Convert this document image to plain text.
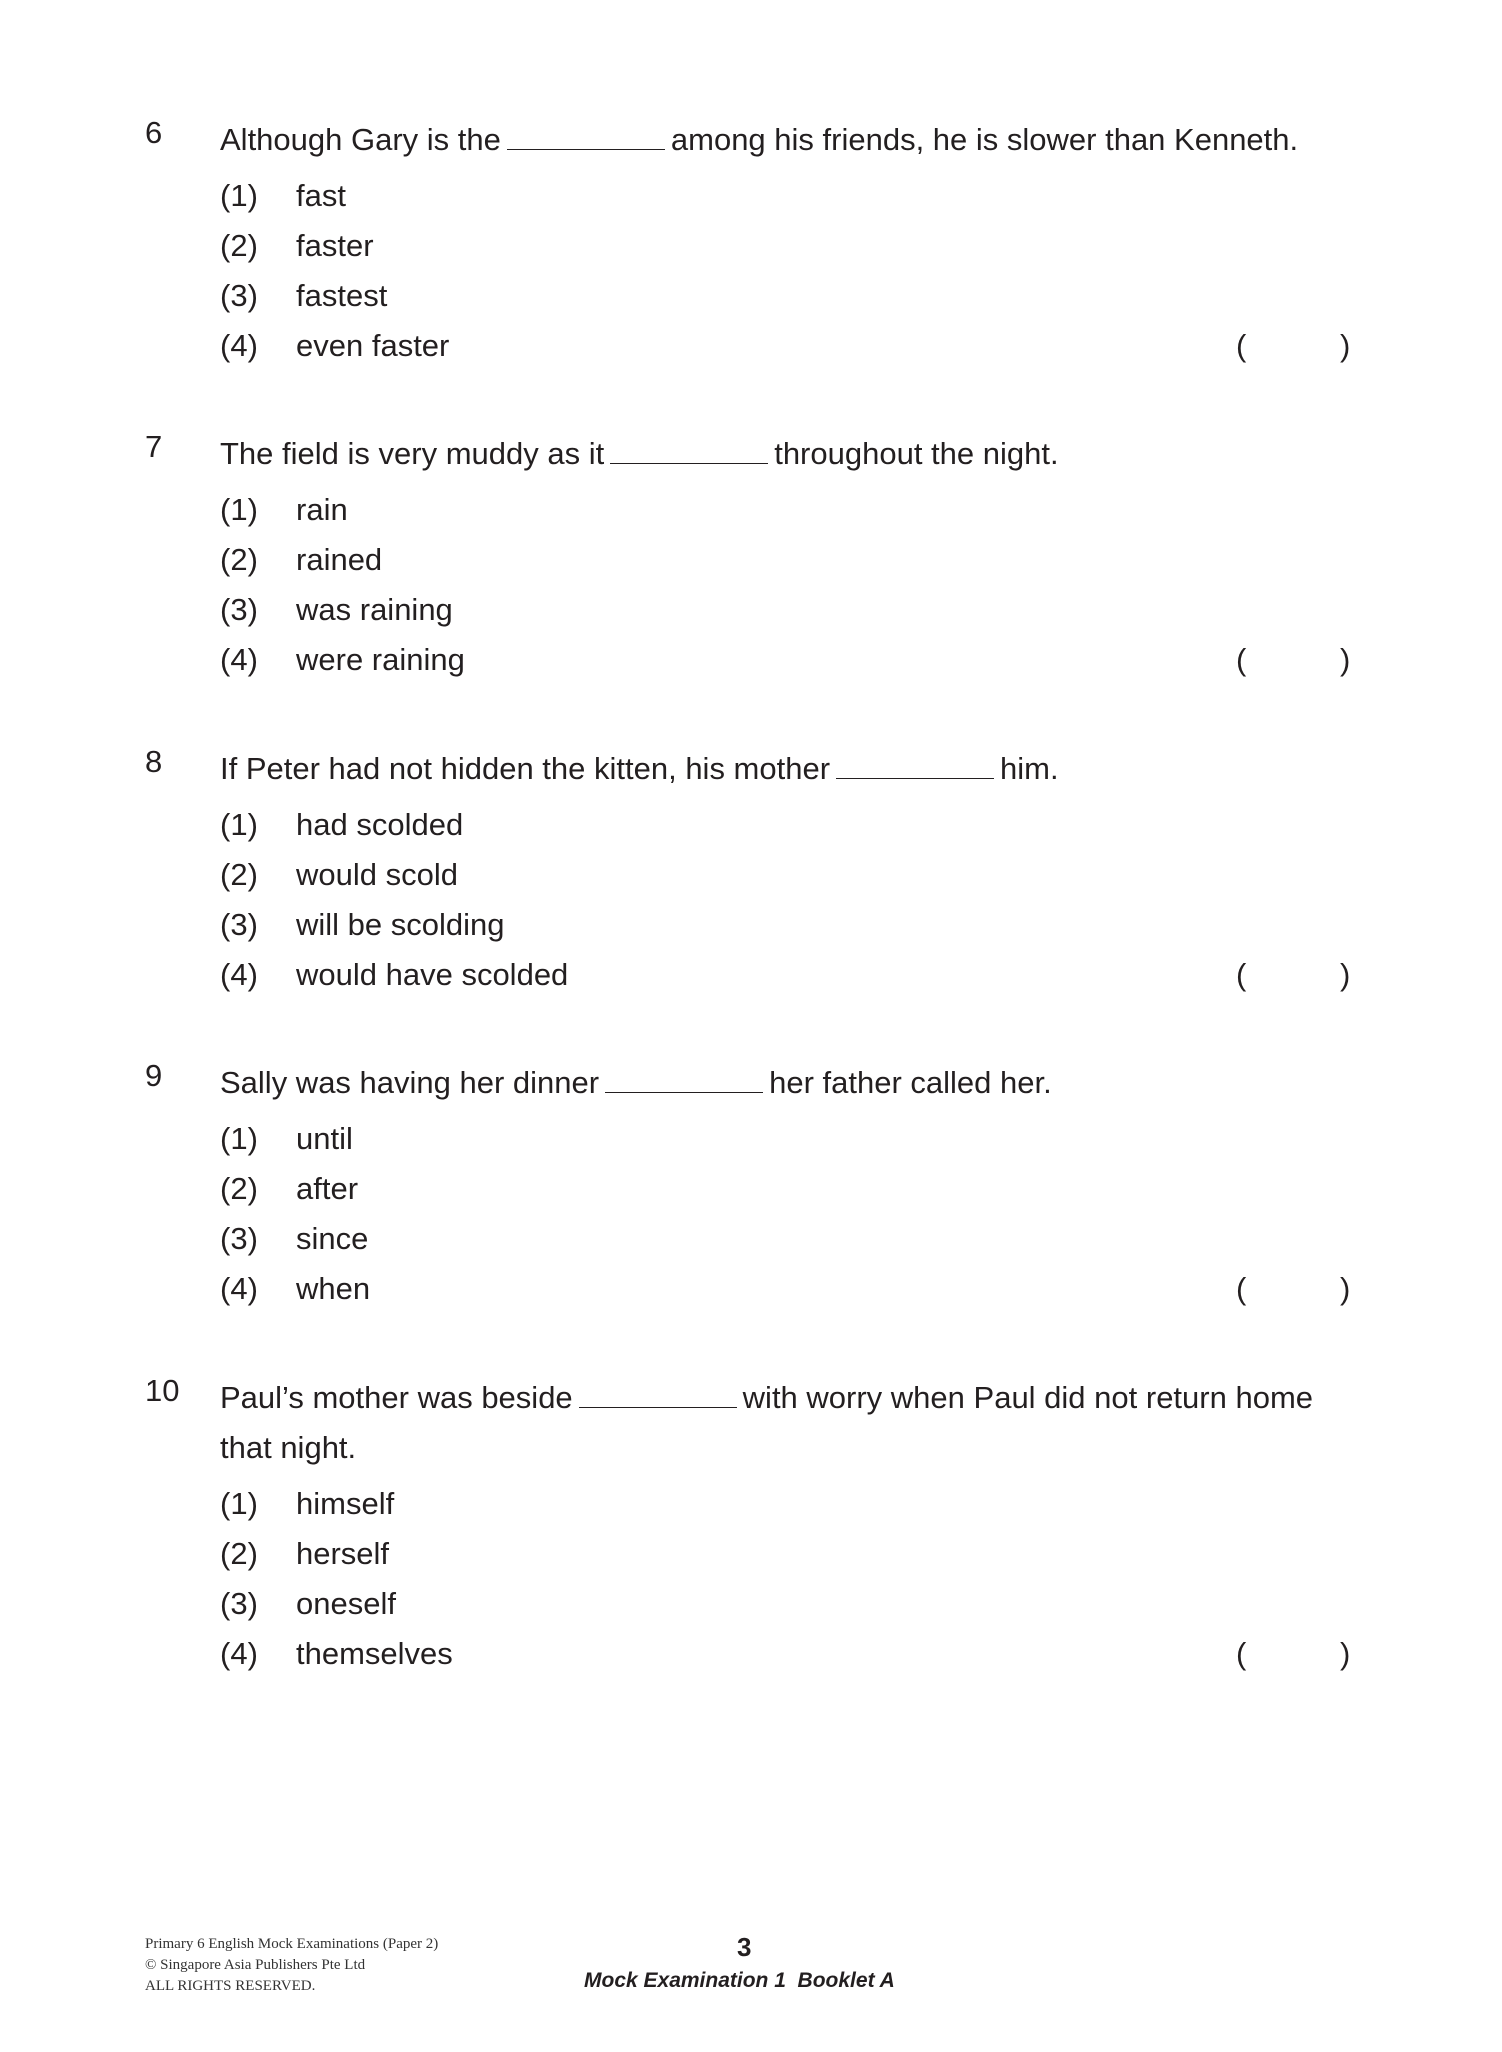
6 Although Gary is the	among his friends, he is slower than Kenneth.
(1) fast
(2) faster
(3) fastest
(4) even faster	(	)
7 The field is very muddy as it	throughout the night.
(1) rain
(2) rained
(3) was raining
(4) were raining	(	)
8 If Peter had not hidden the kitten, his mother	him.
(1) had scolded
(2) would scold
(3) will be scolding
(4) would have scolded	(	)
9 Sally was having her dinner	her father called her.
(1) until
(2) after
(3) since
(4) when	(	)
10 Paul’s mother was beside	with worry when Paul did not return home
that night.
(1) himself
(2) herself
(3) oneself
(4) themselves	(	)
Primary 6 English Mock Examinations (Paper 2)
© Singapore Asia Publishers Pte Ltd
ALL RIGHTS RESERVED.
3
Mock Examination 1  Booklet A
